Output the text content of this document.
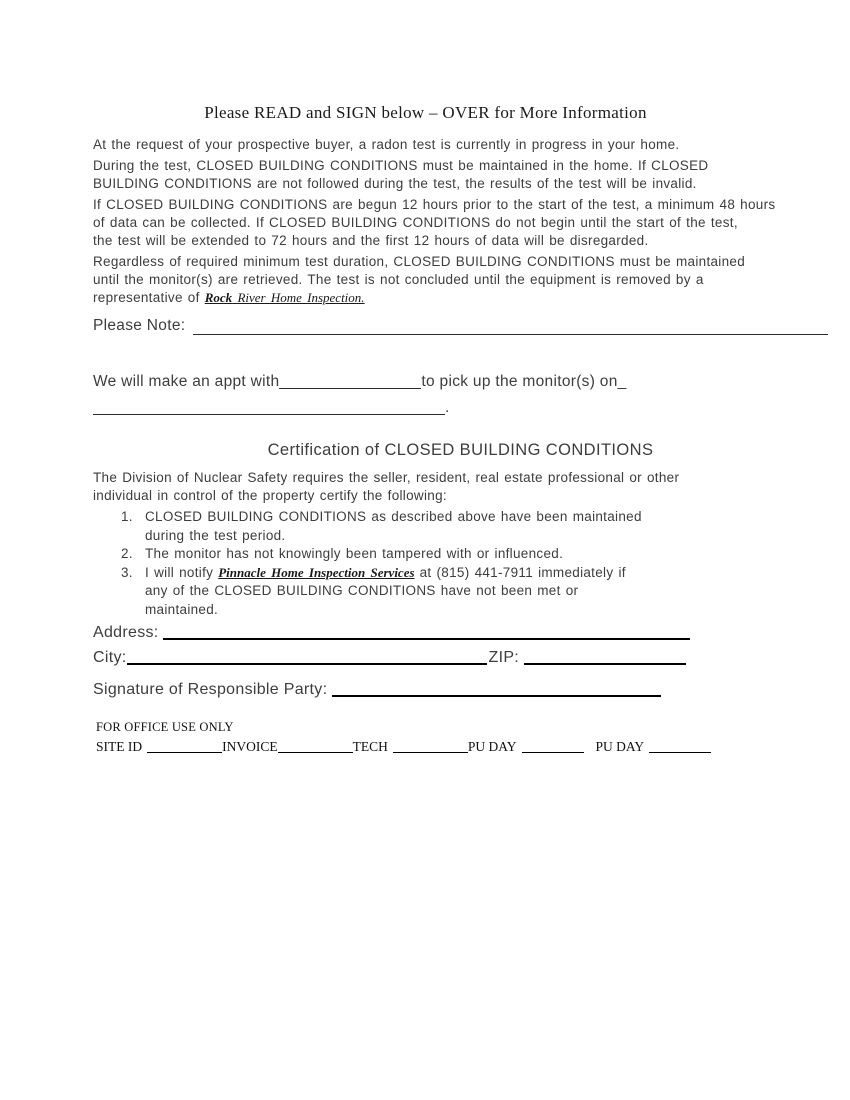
Please READ and SIGN below – OVER for More Information

At the request of your prospective buyer, a radon test is currently in progress in your home.

During the test, CLOSED BUILDING CONDITIONS must be maintained in the home. If CLOSED
BUILDING CONDITIONS are not followed during the test, the results of the test will be invalid.

If CLOSED BUILDING CONDITIONS are begun 12 hours prior to the start of the test, a minimum 48 hours
of data can be collected. If CLOSED BUILDING CONDITIONS do not begin until the start of the test,
the test will be extended to 72 hours and the first 12 hours of data will be disregarded.

Regardless of required minimum test duration, CLOSED BUILDING CONDITIONS must be maintained
until the monitor(s) are retrieved. The test is not concluded until the equipment is removed by a
representative of Rock River Home Inspection.

Please Note:
We will make an appt with	to pick up the monitor(s) on_
.
Certification of CLOSED BUILDING CONDITIONS

The Division of Nuclear Safety requires the seller, resident, real estate professional or other
individual in control of the property certify the following:

1. CLOSED BUILDING CONDITIONS as described above have been maintained
during the test period.
2. The monitor has not knowingly been tampered with or influenced.
3. I will notify Pinnacle Home Inspection Services at (815) 441-7911 immediately if
any of the CLOSED BUILDING CONDITIONS have not been met or
maintained.
Address:
City:	ZIP:
Signature of Responsible Party:
FOR OFFICE USE ONLY
SITE ID	INVOICE	TECH	PU DAY	PU DAY
